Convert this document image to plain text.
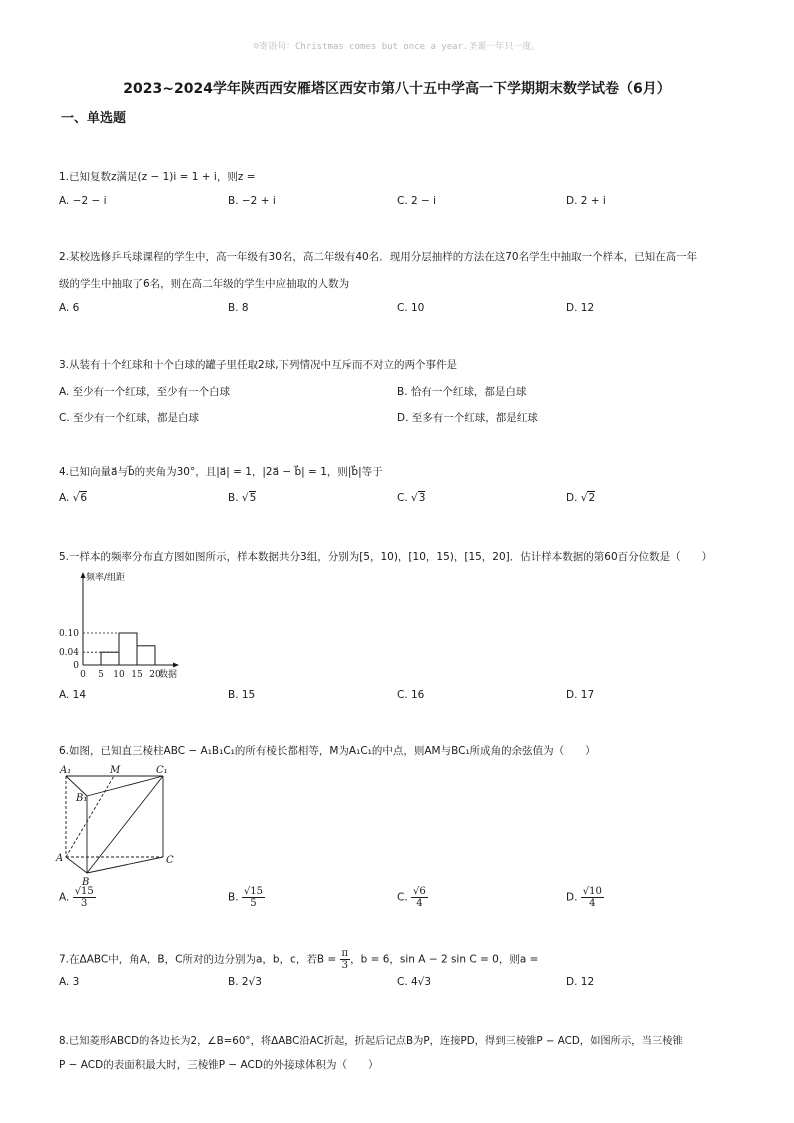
☺寄语句：Christmas comes but once a year.圣诞一年只一度。
2023~2024学年陕西西安雁塔区西安市第八十五中学高一下学期期末数学试卷（6月）
一、单选题
1.已知复数z满足(z − 1)i = 1 + i，则z =
A. −2 − i	B. −2 + i	C. 2 − i	D. 2 + i
2.某校选修乒乓球课程的学生中，高一年级有30名，高二年级有40名．现用分层抽样的方法在这70名学生中抽取一个样本，已知在高一年
级的学生中抽取了6名，则在高二年级的学生中应抽取的人数为
A. 6	B. 8	C. 10	D. 12
3.从装有十个红球和十个白球的罐子里任取2球,下列情况中互斥而不对立的两个事件是
A. 至少有一个红球，至少有一个白球	B. 恰有一个红球，都是白球
C. 至少有一个红球，都是白球	D. 至多有一个红球，都是红球
4.已知向量a⃗与b⃗的夹角为30°，且|a⃗| = 1，|2a⃗ − b⃗| = 1，则|b⃗|等于
A. √6	B. √5	C. √3	D. √2
5.一样本的频率分布直方图如图所示，样本数据共分3组，分别为[5，10)，[10，15)，[15，20]．估计样本数据的第60百分位数是（　　）
频率/组距
数据
0 5 10 15 20
0
0.04
0.10
A. 14	B. 15	C. 16	D. 17
6.如图，已知直三棱柱ABC − A₁B₁C₁的所有棱长都相等，M为A₁C₁的中点，则AM与BC₁所成角的余弦值为（　　）
A₁	M	C₁
B₁
A	C
B
A. $\frac{√15}{3}$	B. $\frac{√15}{5}$	C. $\frac{√6}{4}$	D. $\frac{√10}{4}$
7.在ΔABC中，角A，B，C所对的边分别为a，b，c，若$B = \frac{\pi}{3}$ ，b = 6，sin A − 2 sin C = 0，则a =
A. 3	B. 2√3	C. 4√3	D. 12
8.已知菱形ABCD的各边长为2，∠B=60°，将ΔABC沿AC折起，折起后记点B为P，连接PD，得到三棱锥P − ACD，如图所示，当三棱锥
P − ACD的表面积最大时，三棱锥P − ACD的外接球体积为（　　）
